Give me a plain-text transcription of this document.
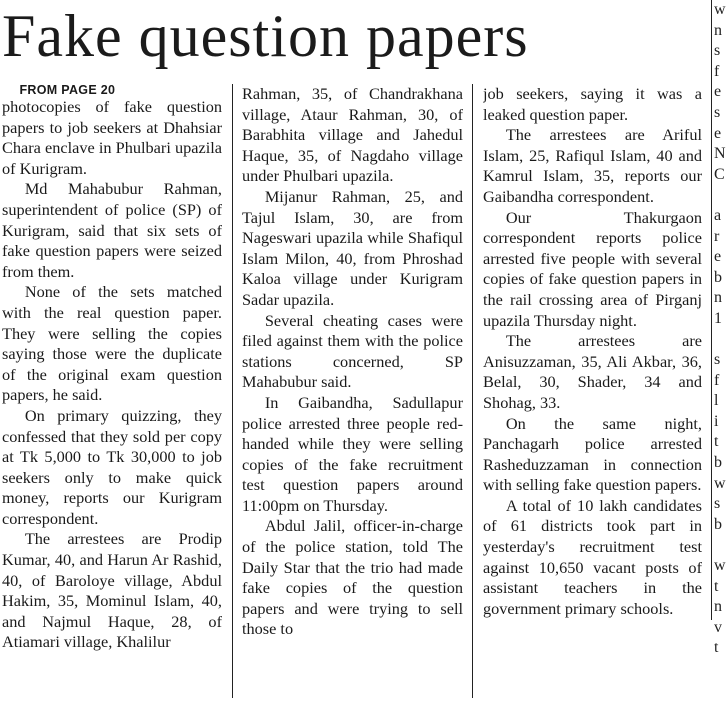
Fake question papers

FROM PAGE 20

photocopies of fake question papers to job seekers at Dhahsiar Chara enclave in Phulbari upazila of Kurigram.

Md Mahabubur Rahman, superintendent of police (SP) of Kurigram, said that six sets of fake question papers were seized from them.

None of the sets matched with the real question paper. They were selling the copies saying those were the duplicate of the original exam question papers, he said.

On primary quizzing, they confessed that they sold per copy at Tk 5,000 to Tk 30,000 to job seekers only to make quick money, reports our Kurigram correspondent.

The arrestees are Prodip Kumar, 40, and Harun Ar Rashid, 40, of Baroloye village, Abdul Hakim, 35, Mominul Islam, 40, and Najmul Haque, 28, of Atiamari village, Khalilur

Rahman, 35, of Chandrakhana village, Ataur Rahman, 30, of Barabhita village and Jahedul Haque, 35, of Nagdaho village under Phulbari upazila.

Mijanur Rahman, 25, and Tajul Islam, 30, are from Nageswari upazila while Shafiqul Islam Milon, 40, from Phroshad Kaloa village under Kurigram Sadar upazila.

Several cheating cases were filed against them with the police stations concerned, SP Mahabubur said.

In Gaibandha, Sadullapur police arrested three people red-handed while they were selling copies of the fake recruitment test question papers around 11:00pm on Thursday.

Abdul Jalil, officer-in-charge of the police station, told The Daily Star that the trio had made fake copies of the question papers and were trying to sell those to

job seekers, saying it was a leaked question paper.

The arrestees are Ariful Islam, 25, Rafiqul Islam, 40 and Kamrul Islam, 35, reports our Gaibandha correspondent.

Our Thakurgaon correspondent reports police arrested five people with several copies of fake question papers in the rail crossing area of Pirganj upazila Thursday night.

The arrestees are Anisuzzaman, 35, Ali Akbar, 36, Belal, 30, Shader, 34 and Shohag, 33.

On the same night, Panchagarh police arrested Rasheduzzaman in connection with selling fake question papers.

A total of 10 lakh candidates of 61 districts took part in yesterday's recruitment test against 10,650 vacant posts of assistant teachers in the government primary schools.

w
n
s
f
e
s
e
N
C

a
r
e
b
n
1

s
f
l
i
t
b
w
s
b

w
t
n
v
t
